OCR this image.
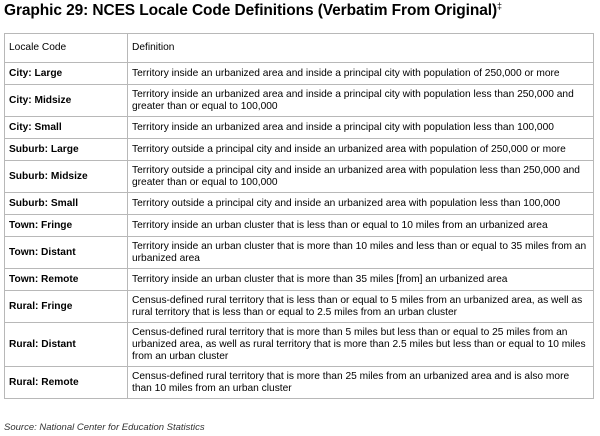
Graphic 29: NCES Locale Code Definitions (Verbatim From Original)‡
Locale Code	Definition
City: Large	Territory inside an urbanized area and inside a principal city with population of 250,000 or more
City: Midsize	Territory inside an urbanized area and inside a principal city with population less than 250,000 and greater than or equal to 100,000
City: Small	Territory inside an urbanized area and inside a principal city with population less than 100,000
Suburb: Large	Territory outside a principal city and inside an urbanized area with population of 250,000 or more
Suburb: Midsize	Territory outside a principal city and inside an urbanized area with population less than 250,000 and greater than or equal to 100,000
Suburb: Small	Territory outside a principal city and inside an urbanized area with population less than 100,000
Town: Fringe	Territory inside an urban cluster that is less than or equal to 10 miles from an urbanized area
Town: Distant	Territory inside an urban cluster that is more than 10 miles and less than or equal to 35 miles from an urbanized area
Town: Remote	Territory inside an urban cluster that is more than 35 miles [from] an urbanized area
Rural: Fringe	Census-defined rural territory that is less than or equal to 5 miles from an urbanized area, as well as rural territory that is less than or equal to 2.5 miles from an urban cluster
Rural: Distant	Census-defined rural territory that is more than 5 miles but less than or equal to 25 miles from an urbanized area, as well as rural territory that is more than 2.5 miles but less than or equal to 10 miles from an urban cluster
Rural: Remote	Census-defined rural territory that is more than 25 miles from an urbanized area and is also more than 10 miles from an urban cluster
Source: National Center for Education Statistics
